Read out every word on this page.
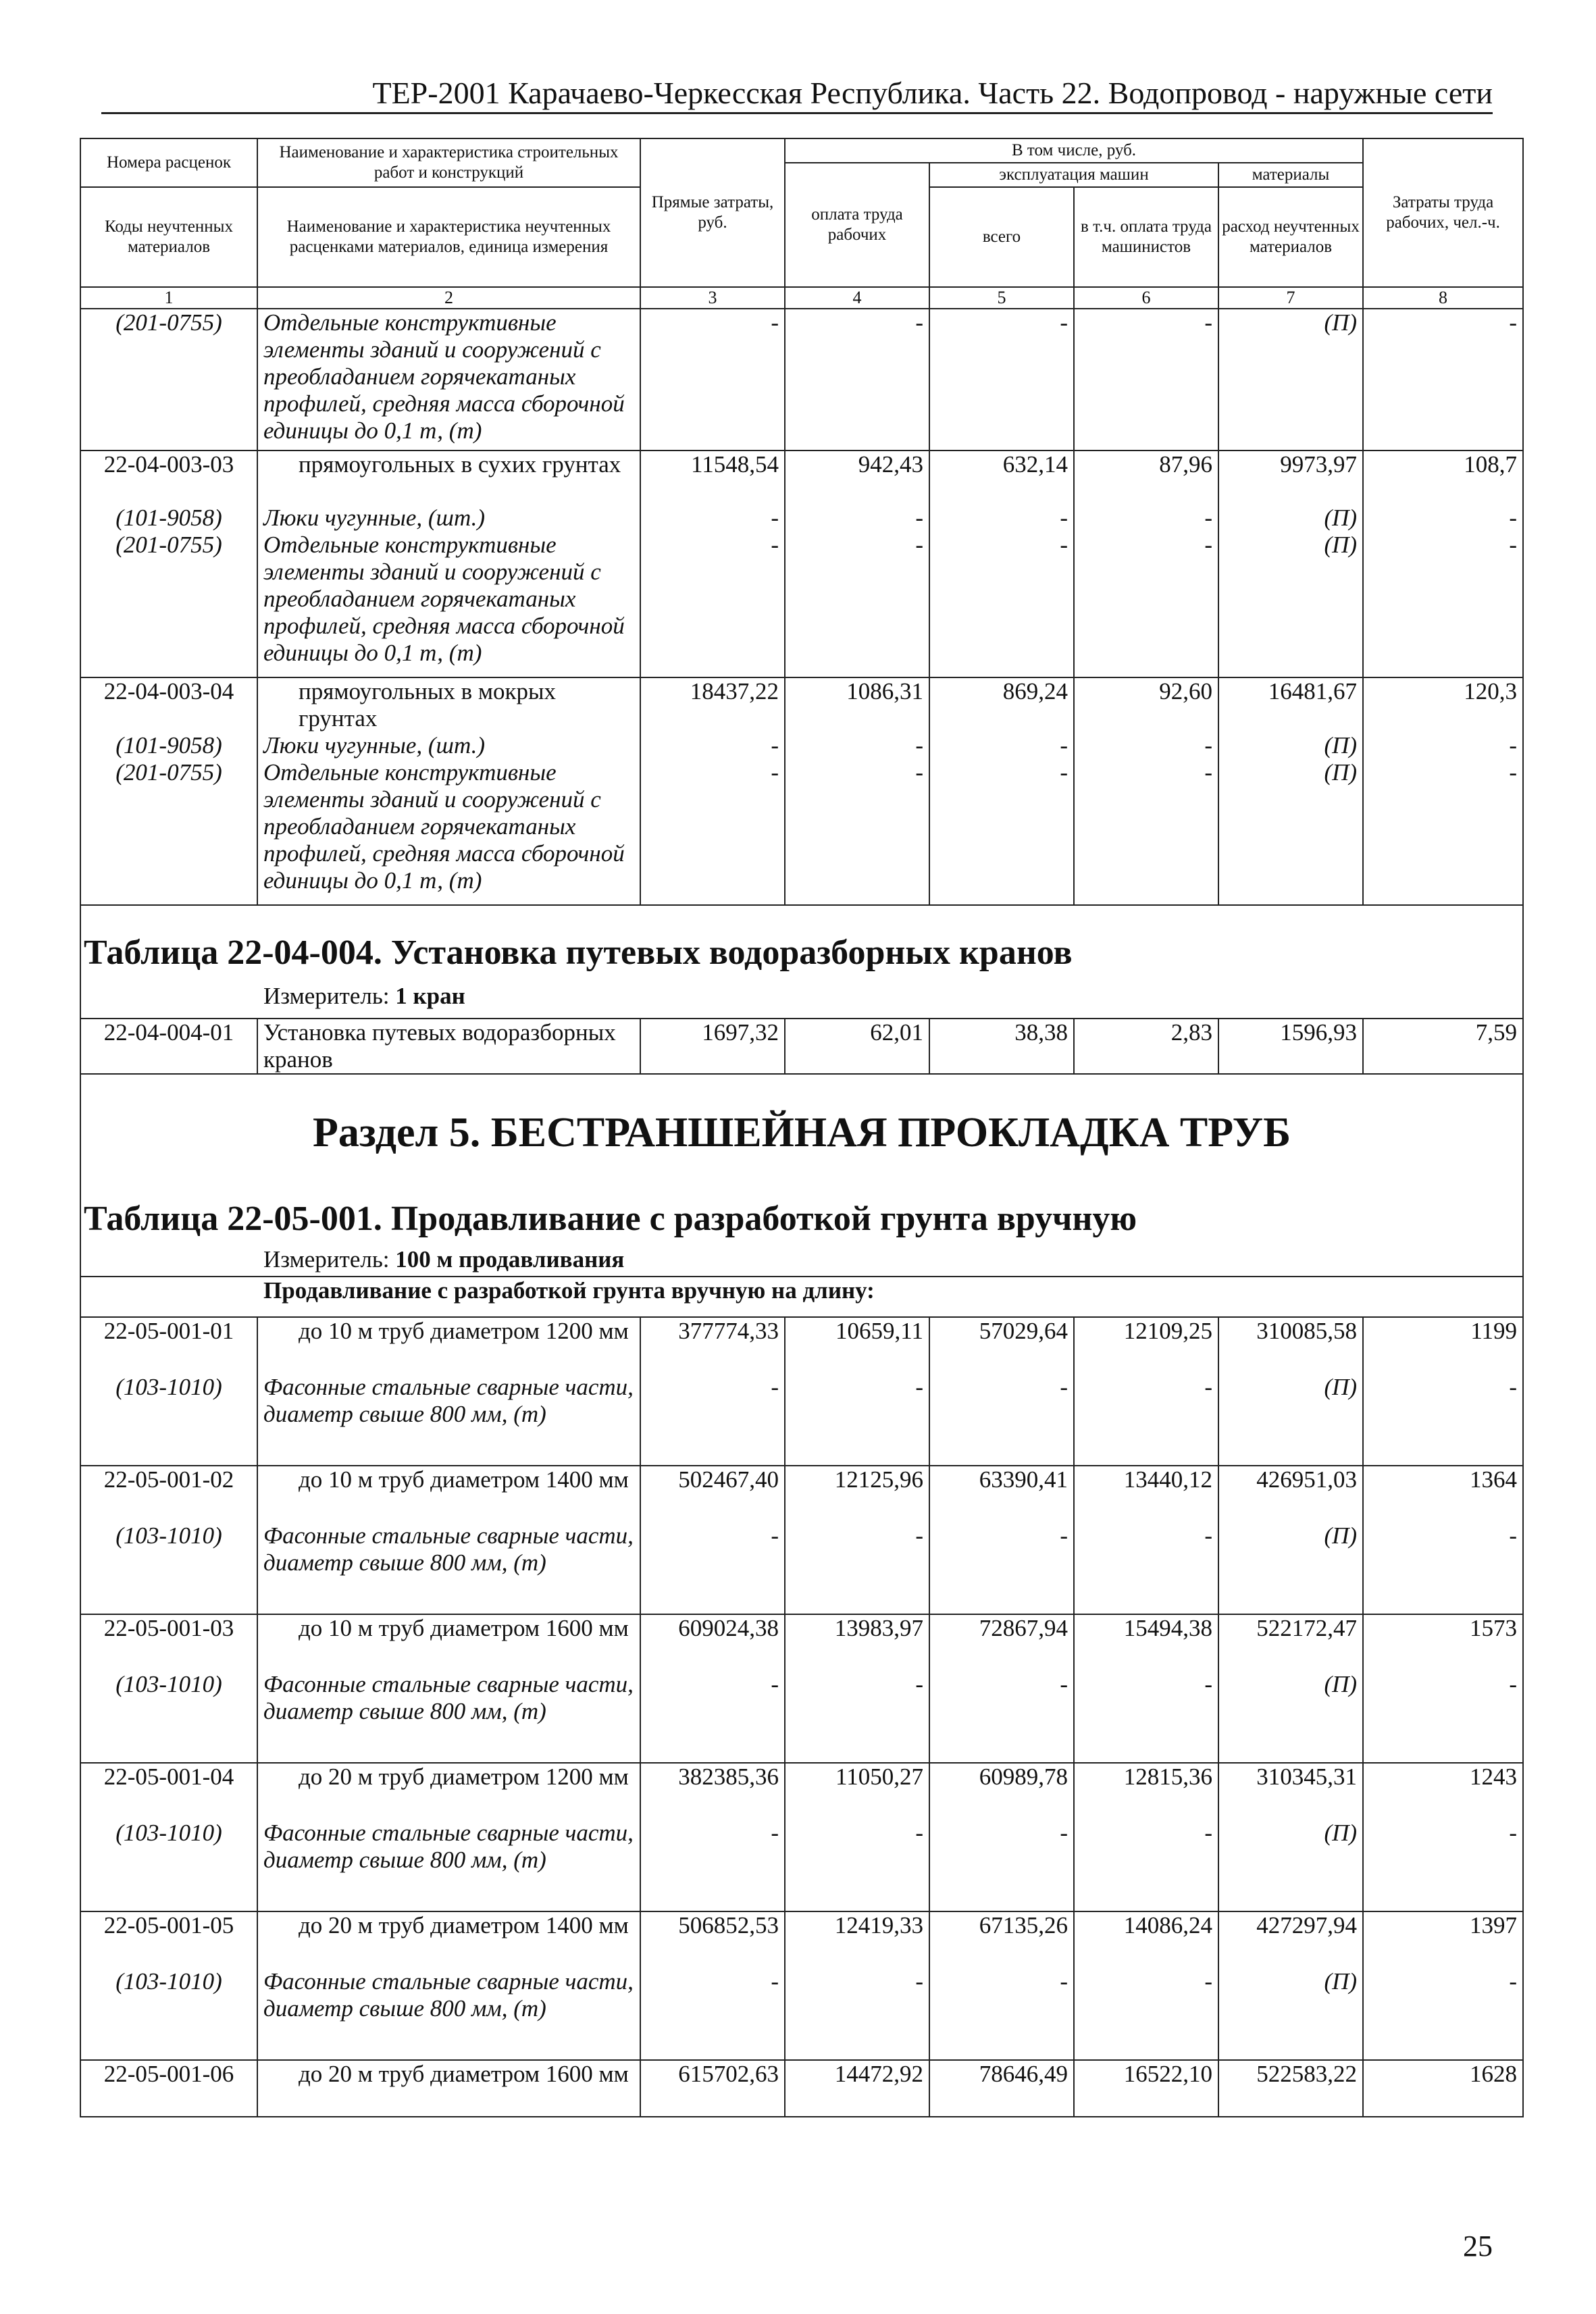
ТЕР-2001 Карачаево-Черкесская Республика. Часть 22. Водопровод - наружные сети
Номера расценок	Наименование и характеристика строительных работ и конструкций	Прямые затраты, руб.	В том числе, руб.				Затраты труда рабочих, чел.-ч.
			оплата труда рабочих	эксплуатация машин		материалы	
Коды неучтенных материалов	Наименование и характеристика неучтенных расценками материалов, единица измерения			всего	в т.ч. оплата труда машинистов	расход неучтенных материалов	

1	2	3	4	5	6	7	8
(201-0755)	Отдельные конструктивные элементы зданий и сооружений с преобладанием горячекатаных профилей, средняя масса сборочной единицы до 0,1 т, (т)	-	-	-	-	(П)	-
22-04-003-03	прямоугольных в сухих грунтах	11548,54	942,43	632,14	87,96	9973,97	108,7
(101-9058)	Люки чугунные, (шт.)	-	-	-	-	(П)	-
(201-0755)	Отдельные конструктивные элементы зданий и сооружений с преобладанием горячекатаных профилей, средняя масса сборочной единицы до 0,1 т, (т)	-	-	-	-	(П)	-
22-04-003-04	прямоугольных в мокрых грунтах	18437,22	1086,31	869,24	92,60	16481,67	120,3
(101-9058)	Люки чугунные, (шт.)	-	-	-	-	(П)	-
(201-0755)	Отдельные конструктивные элементы зданий и сооружений с преобладанием горячекатаных профилей, средняя масса сборочной единицы до 0,1 т, (т)	-	-	-	-	(П)	-

Таблица 22-04-004. Установка путевых водоразборных кранов
Измеритель: 1 кран							

22-04-004-01	Установка путевых водоразборных кранов	1697,32	62,01	38,38	2,83	1596,93	7,59

Раздел 5. БЕСТРАНШЕЙНАЯ ПРОКЛАДКА ТРУБ
Таблица 22-05-001. Продавливание с разработкой грунта вручную
Измеритель: 100 м продавливания
Продавливание с разработкой грунта вручную на длину:							

22-05-001-01	до 10 м труб диаметром 1200 мм	377774,33	10659,11	57029,64	12109,25	310085,58	1199
(103-1010)	Фасонные стальные сварные части, диаметр свыше 800 мм, (т)	-	-	-	-	(П)	-
22-05-001-02	до 10 м труб диаметром 1400 мм	502467,40	12125,96	63390,41	13440,12	426951,03	1364
(103-1010)	Фасонные стальные сварные части, диаметр свыше 800 мм, (т)	-	-	-	-	(П)	-
22-05-001-03	до 10 м труб диаметром 1600 мм	609024,38	13983,97	72867,94	15494,38	522172,47	1573
(103-1010)	Фасонные стальные сварные части, диаметр свыше 800 мм, (т)	-	-	-	-	(П)	-
22-05-001-04	до 20 м труб диаметром 1200 мм	382385,36	11050,27	60989,78	12815,36	310345,31	1243
(103-1010)	Фасонные стальные сварные части, диаметр свыше 800 мм, (т)	-	-	-	-	(П)	-
22-05-001-05	до 20 м труб диаметром 1400 мм	506852,53	12419,33	67135,26	14086,24	427297,94	1397
(103-1010)	Фасонные стальные сварные части, диаметр свыше 800 мм, (т)	-	-	-	-	(П)	-
22-05-001-06	до 20 м труб диаметром 1600 мм	615702,63	14472,92	78646,49	16522,10	522583,22	1628
25
